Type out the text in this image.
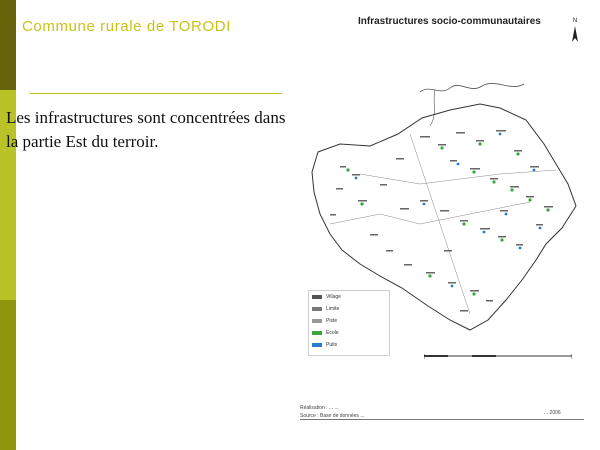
Commune rurale de TORODI
Les infrastructures sont concentrées dans la partie Est du terroir.
Infrastructures socio-communautaires	N
Village
Limite
Piste
Ecole
Puits
Réalisation : ... ...
Source : Base de données ...	... 2006
